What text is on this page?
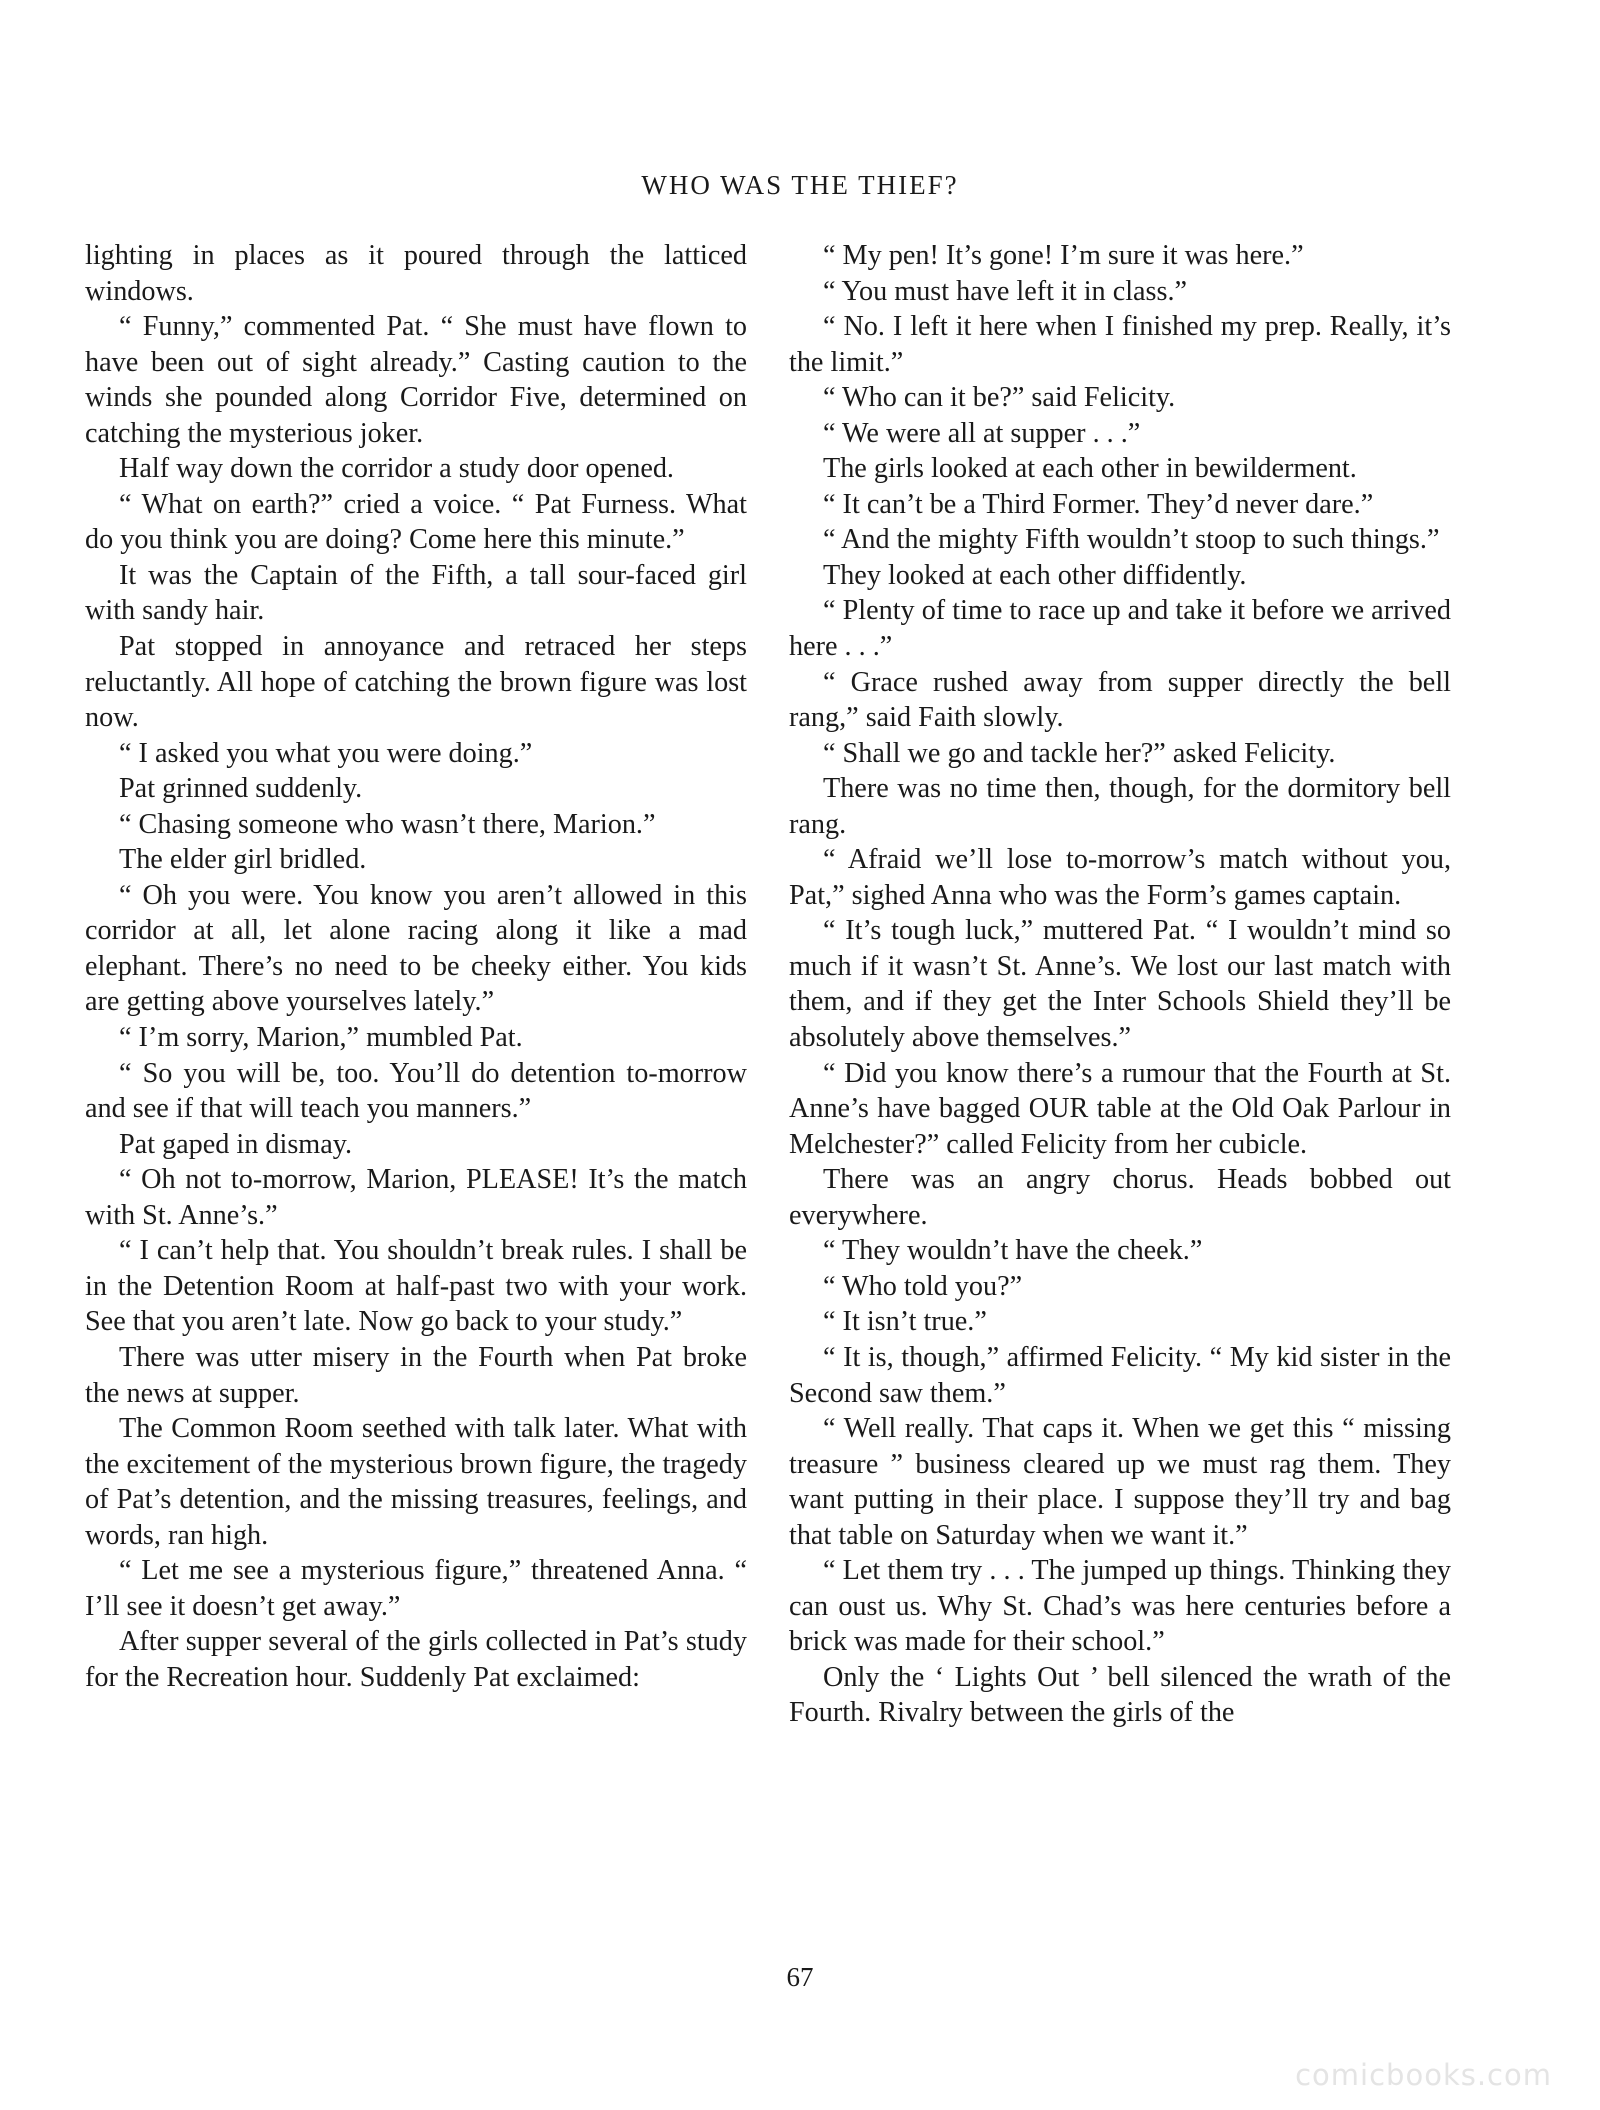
WHO WAS THE THIEF?

lighting in places as it poured through the latticed windows.

“ Funny,” commented Pat. “ She must have flown to have been out of sight already.” Casting caution to the winds she pounded along Corridor Five, determined on catching the mysterious joker.

Half way down the corridor a study door opened.

“ What on earth?” cried a voice. “ Pat Furness. What do you think you are doing? Come here this minute.”

It was the Captain of the Fifth, a tall sour-faced girl with sandy hair.

Pat stopped in annoyance and retraced her steps reluctantly. All hope of catching the brown figure was lost now.

“ I asked you what you were doing.”

Pat grinned suddenly.

“ Chasing someone who wasn’t there, Marion.”

The elder girl bridled.

“ Oh you were. You know you aren’t allowed in this corridor at all, let alone racing along it like a mad elephant. There’s no need to be cheeky either. You kids are getting above yourselves lately.”

“ I’m sorry, Marion,” mumbled Pat.

“ So you will be, too. You’ll do detention to-morrow and see if that will teach you manners.”

Pat gaped in dismay.

“ Oh not to-morrow, Marion, PLEASE! It’s the match with St. Anne’s.”

“ I can’t help that. You shouldn’t break rules. I shall be in the Detention Room at half-past two with your work. See that you aren’t late. Now go back to your study.”

There was utter misery in the Fourth when Pat broke the news at supper.

The Common Room seethed with talk later. What with the excitement of the mysterious brown figure, the tragedy of Pat’s detention, and the missing treasures, feelings, and words, ran high.

“ Let me see a mysterious figure,” threatened Anna. “ I’ll see it doesn’t get away.”

After supper several of the girls collected in Pat’s study for the Recreation hour. Suddenly Pat exclaimed:

“ My pen! It’s gone! I’m sure it was here.”

“ You must have left it in class.”

“ No. I left it here when I finished my prep. Really, it’s the limit.”

“ Who can it be?” said Felicity.

“ We were all at supper . . .”

The girls looked at each other in bewilderment.

“ It can’t be a Third Former. They’d never dare.”

“ And the mighty Fifth wouldn’t stoop to such things.”

They looked at each other diffidently.

“ Plenty of time to race up and take it before we arrived here . . .”

“ Grace rushed away from supper directly the bell rang,” said Faith slowly.

“ Shall we go and tackle her?” asked Felicity.

There was no time then, though, for the dormitory bell rang.

“ Afraid we’ll lose to-morrow’s match without you, Pat,” sighed Anna who was the Form’s games captain.

“ It’s tough luck,” muttered Pat. “ I wouldn’t mind so much if it wasn’t St. Anne’s. We lost our last match with them, and if they get the Inter Schools Shield they’ll be absolutely above themselves.”

“ Did you know there’s a rumour that the Fourth at St. Anne’s have bagged OUR table at the Old Oak Parlour in Melchester?” called Felicity from her cubicle.

There was an angry chorus. Heads bobbed out everywhere.

“ They wouldn’t have the cheek.”

“ Who told you?”

“ It isn’t true.”

“ It is, though,” affirmed Felicity. “ My kid sister in the Second saw them.”

“ Well really. That caps it. When we get this “ missing treasure ” business cleared up we must rag them. They want putting in their place. I suppose they’ll try and bag that table on Saturday when we want it.”

“ Let them try . . . The jumped up things. Thinking they can oust us. Why St. Chad’s was here centuries before a brick was made for their school.”

Only the ‘ Lights Out ’ bell silenced the wrath of the Fourth. Rivalry between the girls of the

67
comicbooks.com
